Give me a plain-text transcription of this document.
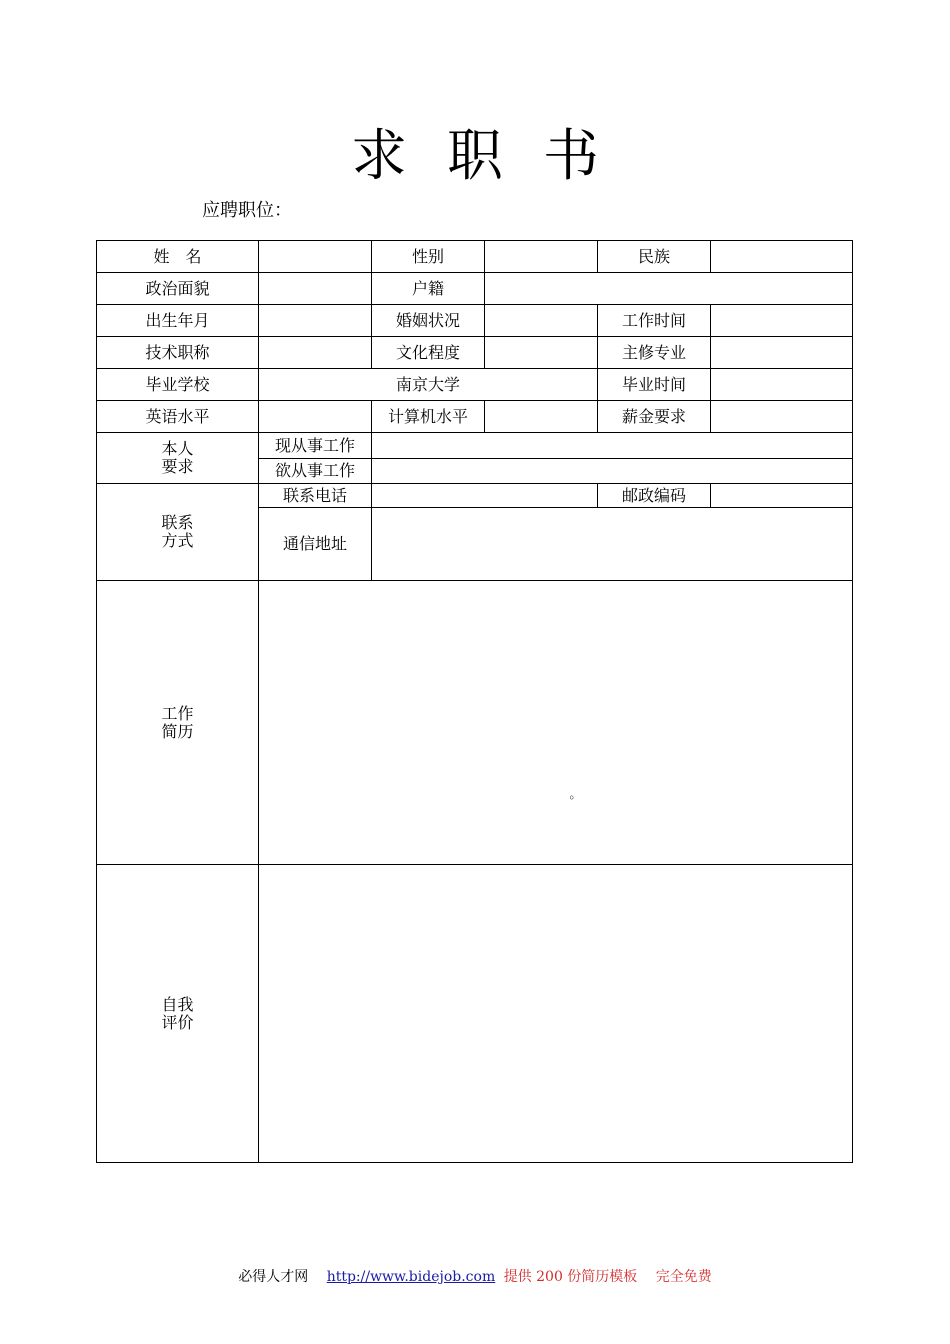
求职书
应聘职位：
姓　名		性别		民族	
政治面貌		户籍			
出生年月		婚姻状况		工作时间	
技术职称		文化程度		主修专业	
毕业学校	南京大学			毕业时间	
英语水平		计算机水平		薪金要求	
本人
要求	现从事工作				
	欲从事工作				
联系
方式	联系电话			邮政编码	
	通信地址				
工作
简历	。				
自我
评价					
必得人才网 http://www.bidejob.com 提供 200 份简历模板 完全免费
